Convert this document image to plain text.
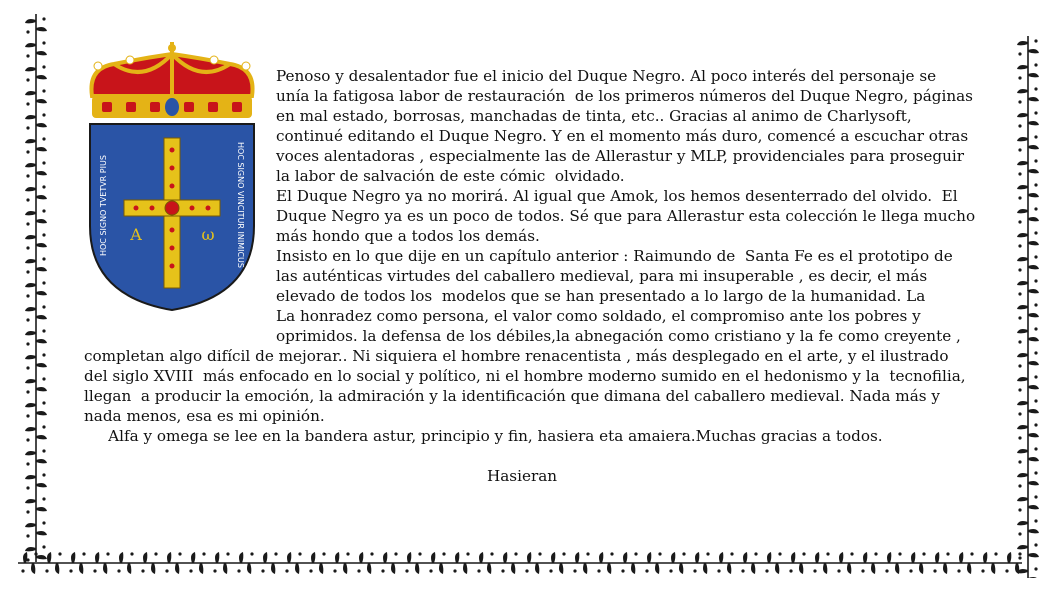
A	ω
HOC SIGNO TVETVR PIUS	HOC SIGNO VINCITUR INIMICUS
Penoso y desalentador fue el inicio del Duque Negro. Al poco interés del personaje se
unía la fatigosa labor de restauración  de los primeros números del Duque Negro, páginas
en mal estado, borrosas, manchadas de tinta, etc.. Gracias al animo de Charlysoft,
continué editando el Duque Negro. Y en el momento más duro, comencé a escuchar otras
voces alentadoras , especialmente las de Allerastur y MLP, providenciales para proseguir
la labor de salvación de este cómic  olvidado.
El Duque Negro ya no morirá. Al igual que Amok, los hemos desenterrado del olvido.  El
Duque Negro ya es un poco de todos. Sé que para Allerastur esta colección le llega mucho
más hondo que a todos los demás.
Insisto en lo que dije en un capítulo anterior : Raimundo de  Santa Fe es el prototipo de
las auténticas virtudes del caballero medieval, para mi insuperable , es decir, el más
elevado de todos los  modelos que se han presentado a lo largo de la humanidad. La
La honradez como persona, el valor como soldado, el compromiso ante los pobres y
oprimidos. la defensa de los débiles,la abnegación como cristiano y la fe como creyente ,
completan algo difícil de mejorar.. Ni siquiera el hombre renacentista , más desplegado en el arte, y el ilustrado
del siglo XVIII  más enfocado en lo social y político, ni el hombre moderno sumido en el hedonismo y la  tecnofilia,
llegan  a producir la emoción, la admiración y la identificación que dimana del caballero medieval. Nada más y
nada menos, esa es mi opinión.
Alfa y omega se lee en la bandera astur, principio y fin, hasiera eta amaiera.Muchas gracias a todos.
Hasieran
